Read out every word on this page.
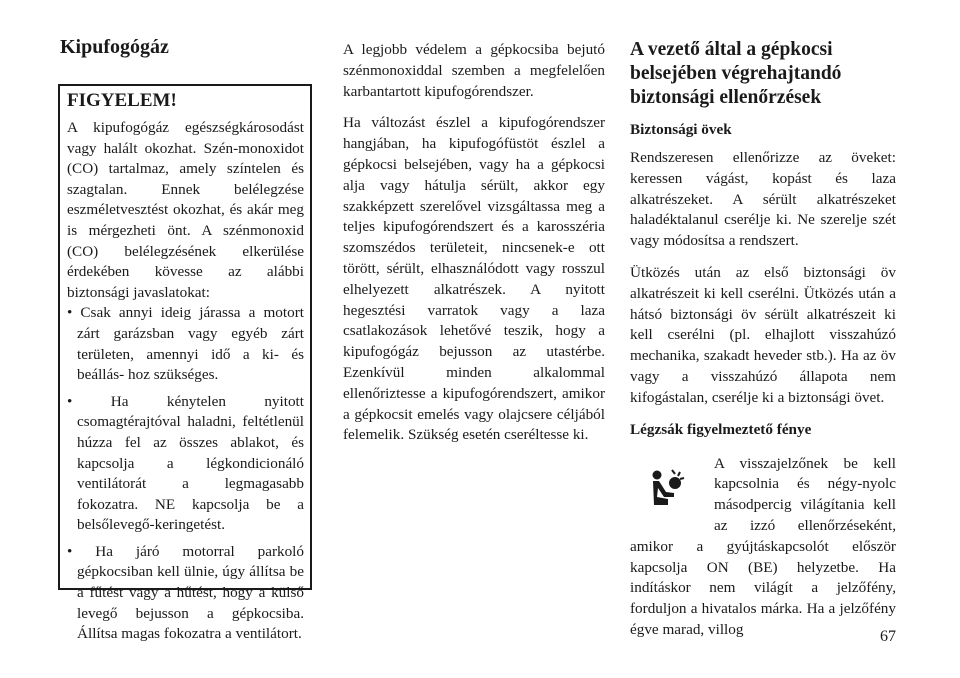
Kipufogógáz
FIGYELEM!

A kipufogógáz egészségkárosodást vagy halált okozhat. Szén-monoxidot (CO) tartalmaz, amely színtelen és szagtalan. Ennek belélegzése eszméletvesztést okozhat, és akár meg is mérgezheti önt. A szénmonoxid (CO) belélegzésének elkerülése érdekében kövesse az alábbi biztonsági javaslatokat:

• Csak annyi ideig járassa a motort zárt garázsban vagy egyéb zárt területen, amennyi idő a ki- és beállás- hoz szükséges.
• Ha kénytelen nyitott csomagtérajtóval haladni, feltétlenül húzza fel az összes ablakot, és kapcsolja a légkondicionáló ventilátorát a legmagasabb fokozatra. NE kapcsolja be a belsőlevegő-keringetést.
• Ha járó motorral parkoló gépkocsiban kell ülnie, úgy állítsa be a fűtést vagy a hűtést, hogy a külső levegő bejusson a gépkocsiba. Állítsa magas fokozatra a ventilátort.

A legjobb védelem a gépkocsiba bejutó szénmonoxiddal szemben a megfelelően karbantartott kipufogórendszer.

Ha változást észlel a kipufogórendszer hangjában, ha kipufogófüstöt észlel a gépkocsi belsejében, vagy ha a gépkocsi alja vagy hátulja sérült, akkor egy szakképzett szerelővel vizsgáltassa meg a teljes kipufogórendszert és a karosszéria szomszédos területeit, nincsenek-e ott törött, sérült, elhasználódott vagy rosszul elhelyezett alkatrészek. A nyitott hegesztési varratok vagy a laza csatlakozások lehetővé teszik, hogy a kipufogógáz bejusson az utastérbe. Ezenkívül minden alkalommal ellenőriztesse a kipufogórendszert, amikor a gépkocsit emelés vagy olajcsere céljából felemelik. Szükség esetén cseréltesse ki.

A vezető által a gépkocsi belsejében végrehajtandó biztonsági ellenőrzések
Biztonsági övek

Rendszeresen ellenőrizze az öveket: keressen vágást, kopást és laza alkatrészeket. A sérült alkatrészeket haladéktalanul cserélje ki. Ne szerelje szét vagy módosítsa a rendszert.

Ütközés után az első biztonsági öv alkatrészeit ki kell cserélni. Ütközés után a hátsó biztonsági öv sérült alkatrészeit ki kell cserélni (pl. elhajlott visszahúzó mechanika, szakadt heveder stb.). Ha az öv vagy a visszahúzó állapota nem kifogástalan, cserélje ki a biztonsági övet.

Légzsák figyelmeztető fénye

A visszajelzőnek be kell kapcsolnia és négy-nyolc másodpercig világítania kell az izzó ellenőrzéseként, amikor a gyújtáskapcsolót először kapcsolja ON (BE) helyzetbe. Ha indításkor nem világít a jelzőfény, forduljon a hivatalos márka. Ha a jelzőfény égve marad, villog	67
